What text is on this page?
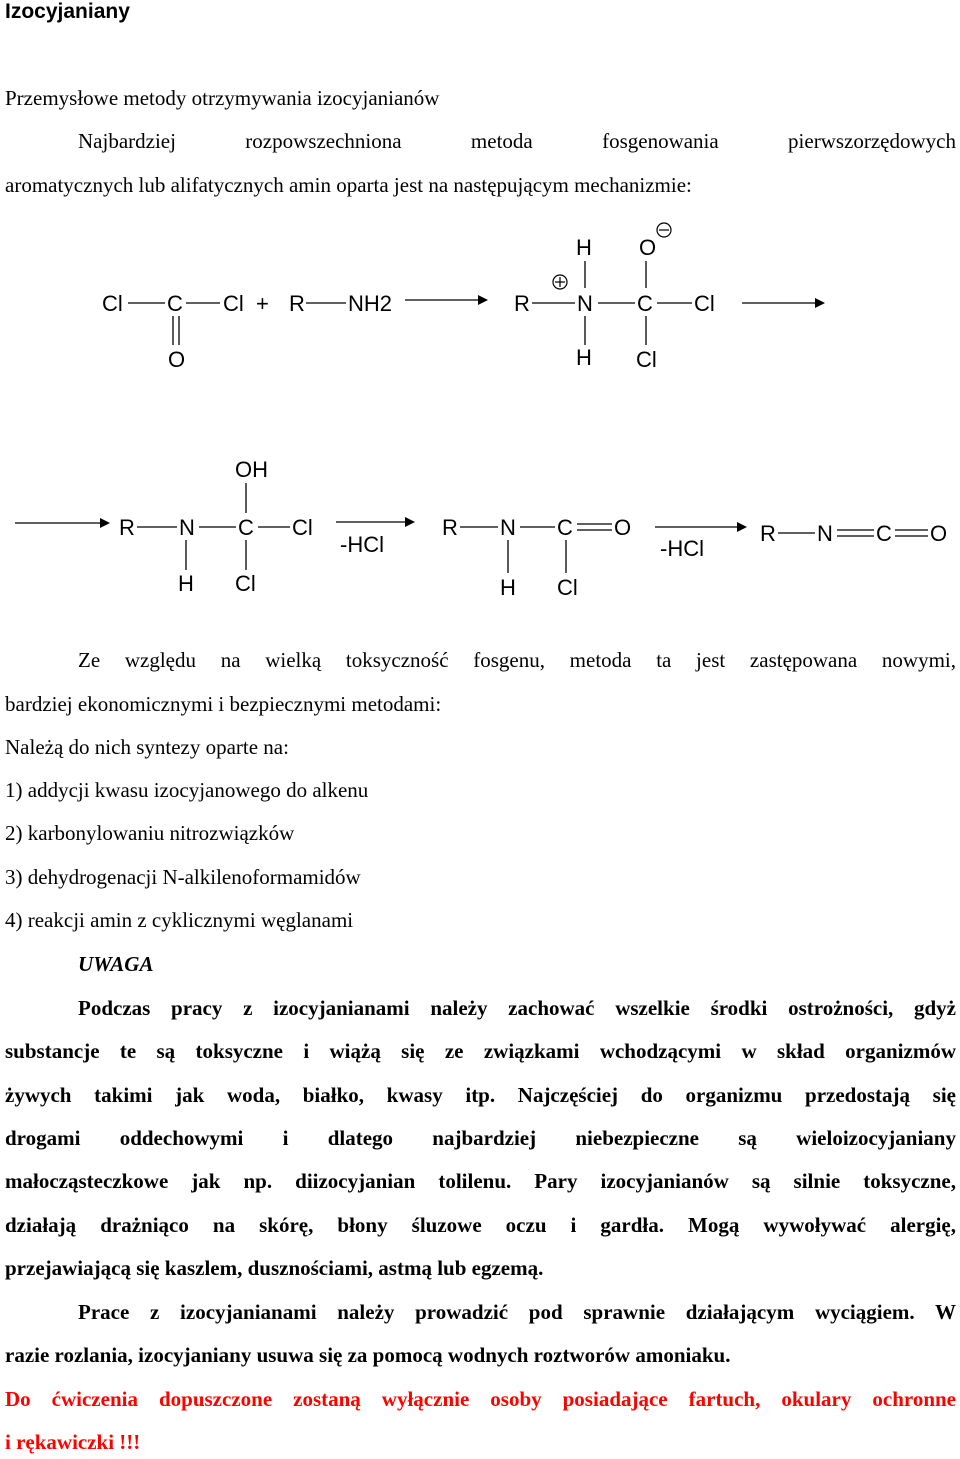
Izocyjaniany
Przemysłowe metody otrzymywania izocyjanianów
Najbardziej rozpowszechniona metoda fosgenowania pierwszorzędowych
aromatycznych lub alifatycznych amin oparta jest na następującym mechanizmie:
Cl C Cl
O
+ R NH2	R N
H
H
C
O
Cl
Cl
R N
H
C
OH
Cl
Cl
-HCl
R N
H
C O
Cl
-HCl
R N C O
Ze względu na wielką toksyczność fosgenu, metoda ta jest zastępowana nowymi,
bardziej ekonomicznymi i bezpiecznymi metodami:
Należą do nich syntezy oparte na:
1) addycji kwasu izocyjanowego do alkenu
2) karbonylowaniu nitrozwiązków
3) dehydrogenacji N-alkilenoformamidów
4) reakcji amin z cyklicznymi węglanami
UWAGA
Podczas pracy z izocyjanianami należy zachować wszelkie środki ostrożności, gdyż
substancje te są toksyczne i wiążą się ze związkami wchodzącymi w skład organizmów
żywych takimi jak woda, białko, kwasy itp. Najczęściej do organizmu przedostają się
drogami oddechowymi i dlatego najbardziej niebezpieczne są wieloizocyjaniany
małocząsteczkowe jak np. diizocyjanian tolilenu. Pary izocyjanianów są silnie toksyczne,
działają drażniąco na skórę, błony śluzowe oczu i gardła. Mogą wywoływać alergię,
przejawiającą się kaszlem, dusznościami, astmą lub egzemą.
Prace z izocyjanianami należy prowadzić pod sprawnie działającym wyciągiem. W
razie rozlania, izocyjaniany usuwa się za pomocą wodnych roztworów amoniaku.
Do ćwiczenia dopuszczone zostaną wyłącznie osoby posiadające fartuch, okulary ochronne
i rękawiczki !!!
